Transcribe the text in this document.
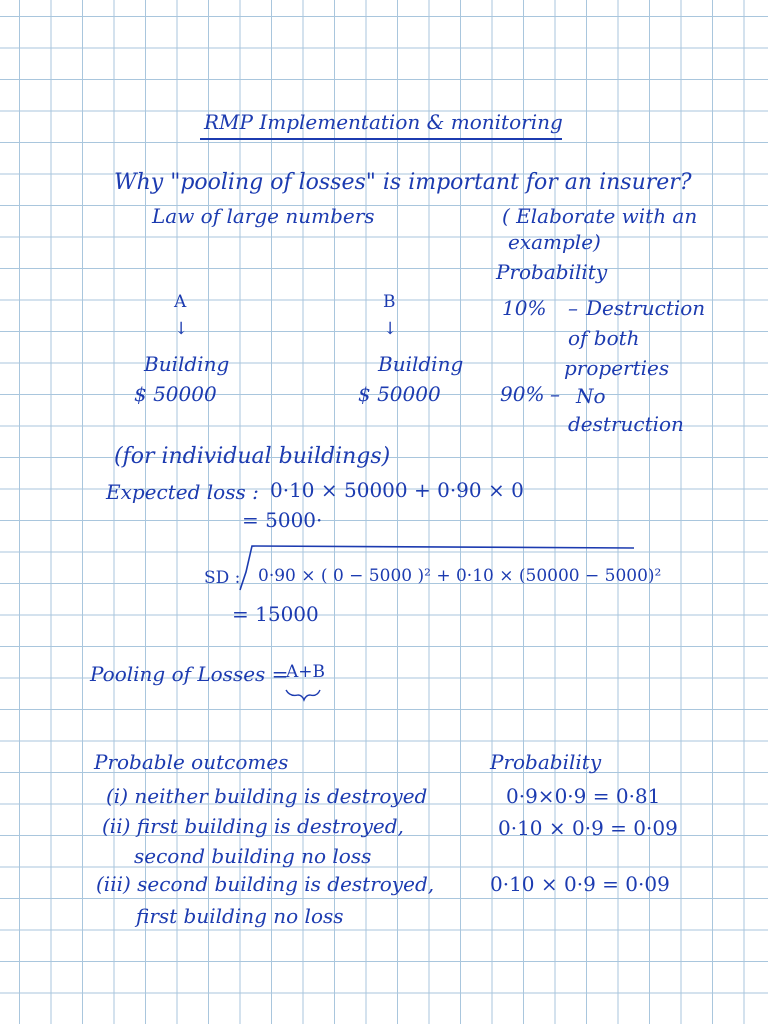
RMP Implementation & monitoring
Why "pooling of losses" is important for an insurer?
Law of large numbers	( Elaborate with an
example)
Probability
A
↓
Building
$ 50000
B
↓
Building
$ 50000
10% – Destruction
of both
properties
90% – No
destruction
(for individual buildings)
Expected loss : 0·10 × 50000 + 0·90 × 0
= 5000·
SD : 0·90 × ( 0 − 5000 )² + 0·10 × (50000 − 5000)²
= 15000
Pooling of Losses =
A+B
Probable outcomes	Probability
(i) neither building is destroyed	0·9×0·9 = 0·81
(ii) first building is destroyed,
second building no loss
0·10 × 0·9 = 0·09
(iii) second building is destroyed,
first building no loss
0·10 × 0·9 = 0·09
